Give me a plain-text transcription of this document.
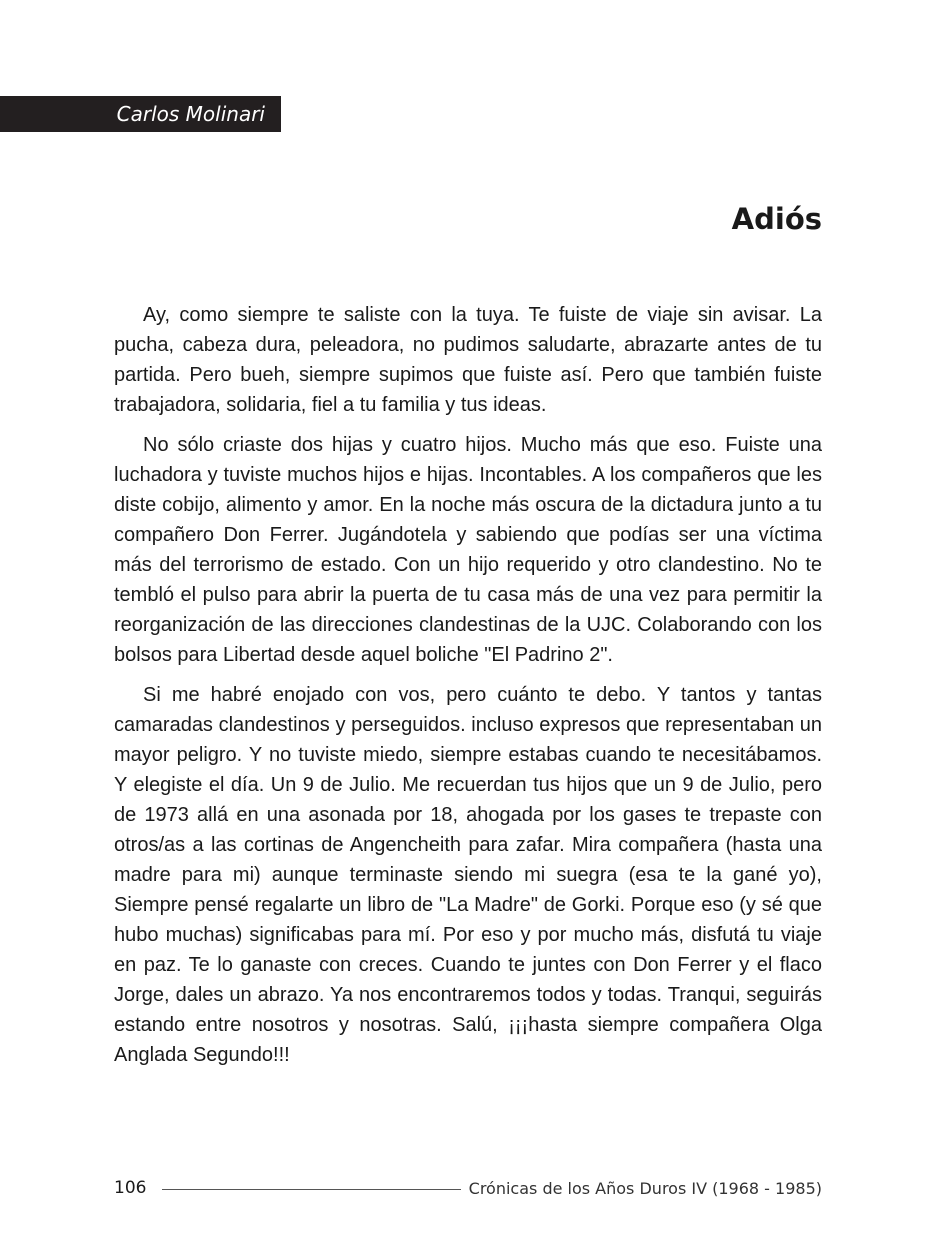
Carlos Molinari
Adiós

Ay, como siempre te saliste con la tuya. Te fuiste de viaje sin avisar. La pucha, cabeza dura, peleadora, no pudimos saludarte, abrazarte antes de tu partida. Pero bueh, siempre supimos que fuiste así. Pero que también fuiste trabajadora, solidaria, fiel a tu familia y tus ideas.

No sólo criaste dos hijas y cuatro hijos. Mucho más que eso. Fuiste una luchadora y tuviste muchos hijos e hijas. Incontables. A los compañeros que les diste cobijo, alimento y amor. En la noche más oscura de la dictadura junto a tu compañero Don Ferrer. Jugándotela y sabiendo que podías ser una víctima más del terrorismo de estado. Con un hijo requerido y otro clandestino. No te tembló el pulso para abrir la puerta de tu casa más de una vez para permitir la reorganización de las direcciones clandestinas de la UJC. Colaborando con los bolsos para Libertad desde aquel boliche "El Padrino 2".

Si me habré enojado con vos, pero cuánto te debo. Y tantos y tantas camaradas clandestinos y perseguidos. incluso expresos que representaban un mayor peligro. Y no tuviste miedo, siempre estabas cuando te necesitábamos. Y elegiste el día. Un 9 de Julio. Me recuerdan tus hijos que un 9 de Julio, pero de 1973 allá en una asonada por 18, ahogada por los gases te trepaste con otros/as a las cortinas de Angencheith para zafar. Mira compañera (hasta una madre para mi) aunque terminaste siendo mi suegra (esa te la gané yo), Siempre pensé regalarte un libro de "La Madre" de Gorki. Porque eso (y sé que hubo muchas) significabas para mí. Por eso y por mucho más, disfutá tu viaje en paz. Te lo ganaste con creces. Cuando te juntes con Don Ferrer y el flaco Jorge, dales un abrazo. Ya nos encontraremos todos y todas. Tranqui, seguirás estando entre nosotros y nosotras. Salú, ¡¡¡hasta siempre compañera Olga Anglada Segundo!!!

106	Crónicas de los Años Duros IV (1968 - 1985)
